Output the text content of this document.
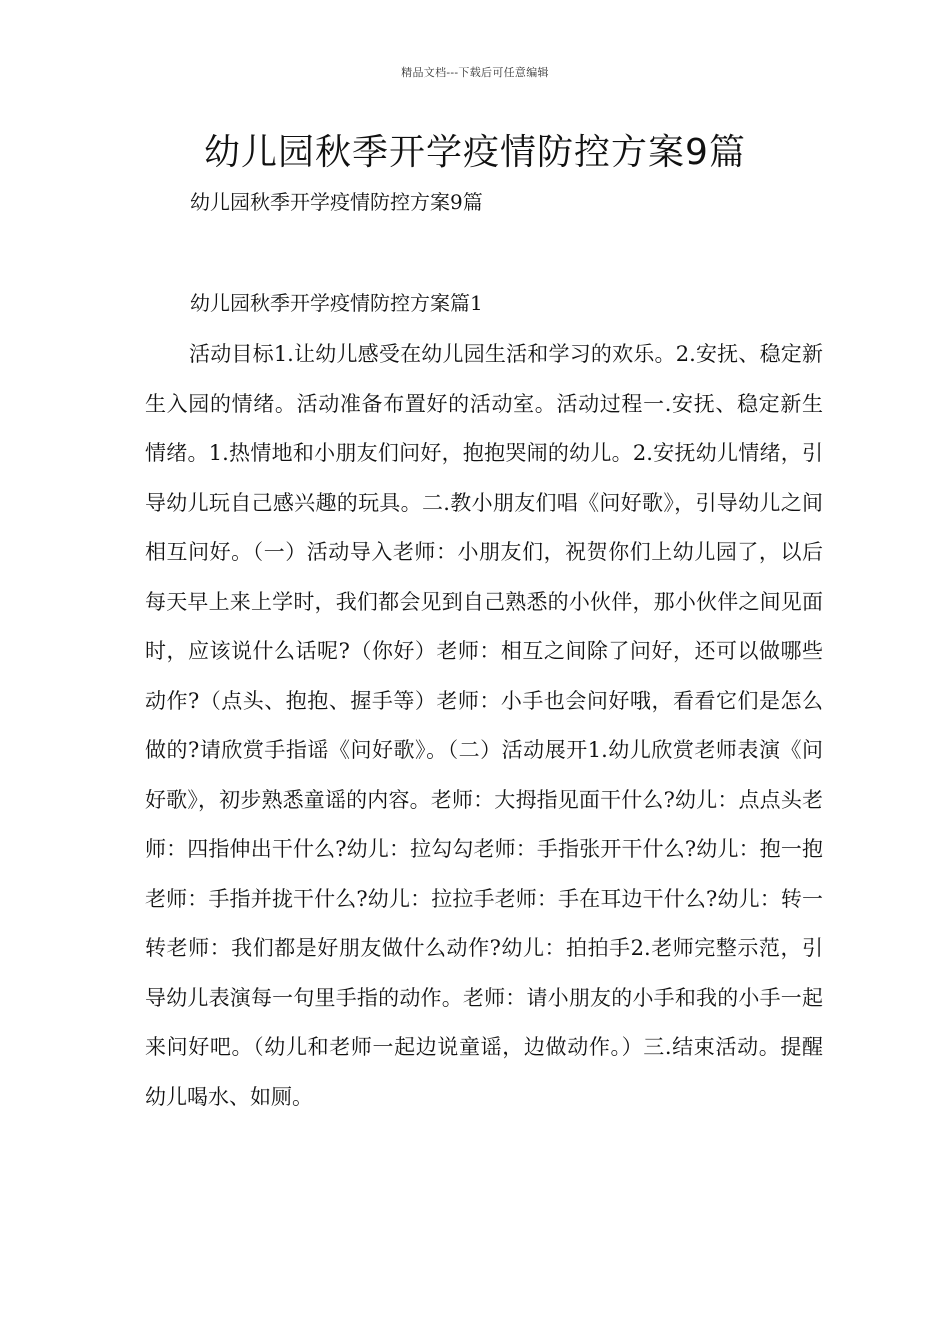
精品文档---下载后可任意编辑
幼儿园秋季开学疫情防控方案9篇
幼儿园秋季开学疫情防控方案9篇
幼儿园秋季开学疫情防控方案篇1

活动目标1.让幼儿感受在幼儿园生活和学习的欢乐。2.安抚、稳定新生入园的情绪。活动准备布置好的活动室。活动过程一.安抚、稳定新生情绪。1.热情地和小朋友们问好，抱抱哭闹的幼儿。2.安抚幼儿情绪，引导幼儿玩自己感兴趣的玩具。二.教小朋友们唱《问好歌》，引导幼儿之间相互问好。（一）活动导入老师：小朋友们，祝贺你们上幼儿园了，以后每天早上来上学时，我们都会见到自己熟悉的小伙伴，那小伙伴之间见面时，应该说什么话呢?（你好）老师：相互之间除了问好，还可以做哪些动作?（点头、抱抱、握手等）老师：小手也会问好哦，看看它们是怎么做的?请欣赏手指谣《问好歌》。（二）活动展开1.幼儿欣赏老师表演《问好歌》，初步熟悉童谣的内容。老师：大拇指见面干什么?幼儿：点点头老师：四指伸出干什么?幼儿：拉勾勾老师：手指张开干什么?幼儿：抱一抱老师：手指并拢干什么?幼儿：拉拉手老师：手在耳边干什么?幼儿：转一转老师：我们都是好朋友做什么动作?幼儿：拍拍手2.老师完整示范，引导幼儿表演每一句里手指的动作。老师：请小朋友的小手和我的小手一起来问好吧。（幼儿和老师一起边说童谣，边做动作。）三.结束活动。提醒幼儿喝水、如厕。
